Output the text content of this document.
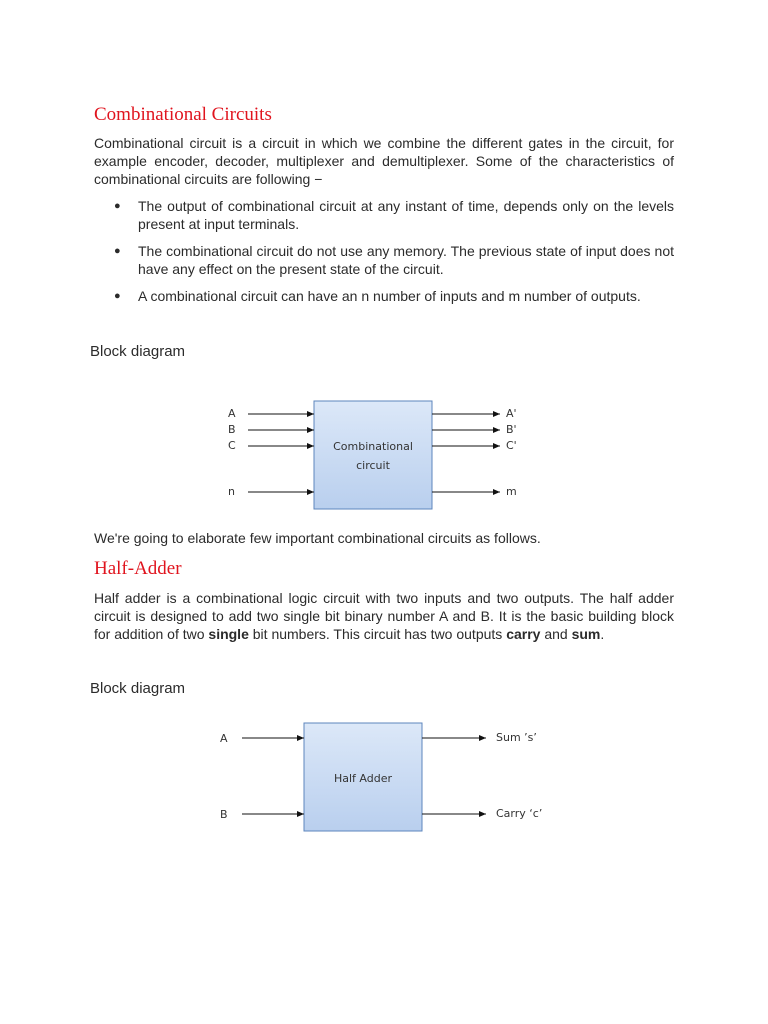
Combinational Circuits

Combinational circuit is a circuit in which we combine the different gates in the circuit, for example encoder, decoder, multiplexer and demultiplexer. Some of the characteristics of combinational circuits are following −

● The output of combinational circuit at any instant of time, depends only on the levels present at input terminals.
● The combinational circuit do not use any memory. The previous state of input does not have any effect on the present state of the circuit.
● A combinational circuit can have an n number of inputs and m number of outputs.

Block diagram

Combinational
circuit
A
B
C
n
A'
B'
C'
m

We're going to elaborate few important combinational circuits as follows.

Half-Adder

Half adder is a combinational logic circuit with two inputs and two outputs. The half adder circuit is designed to add two single bit binary number A and B. It is the basic building block for addition of two single bit numbers. This circuit has two outputs carry and sum.

Block diagram

Half Adder
A
B
Sum ’s’
Carry ‘c’
